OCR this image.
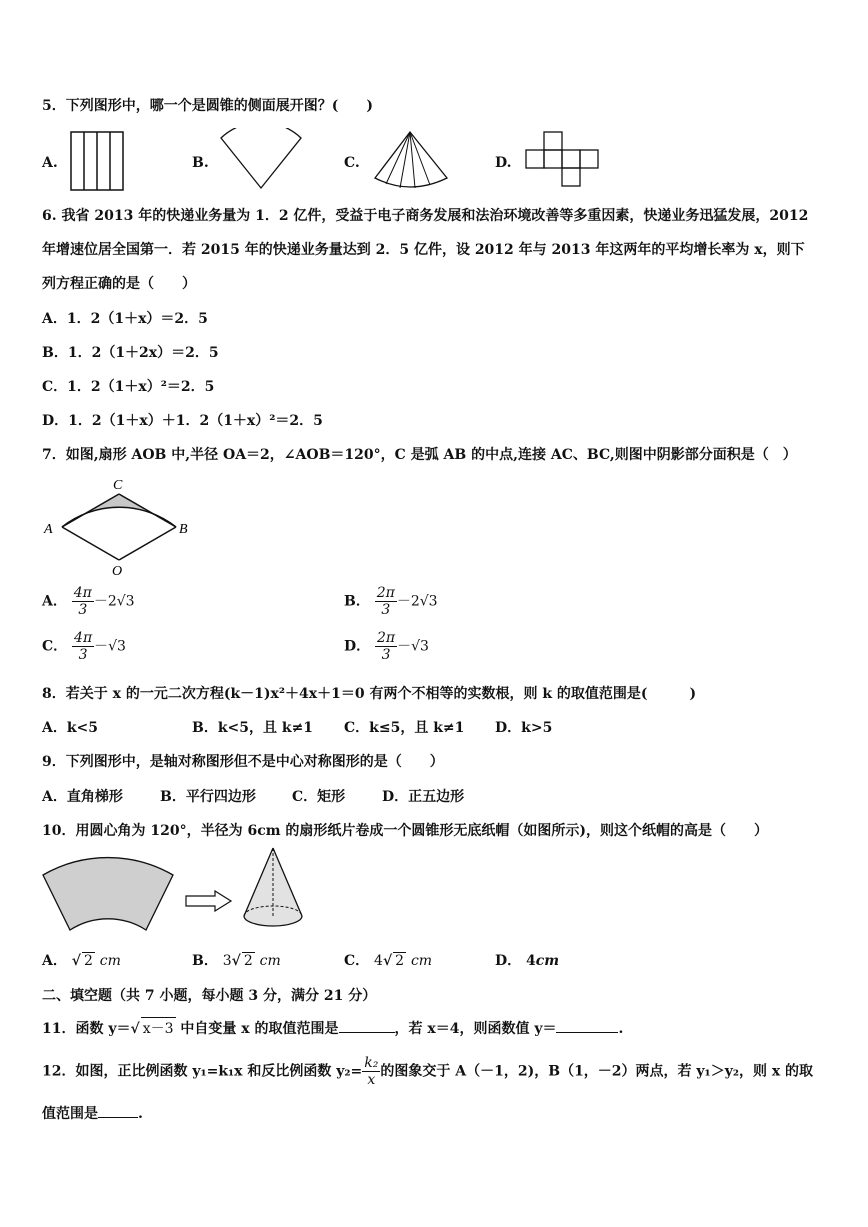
5．下列图形中，哪一个是圆锥的侧面展开图？(　　)
A.	B.	C.	D.
6. 我省 2013 年的快递业务量为 1．2 亿件，受益于电子商务发展和法治环境改善等多重因素，快递业务迅猛发展，2012
年增速位居全国第一．若 2015 年的快递业务量达到 2．5 亿件，设 2012 年与 2013 年这两年的平均增长率为 x，则下
列方程正确的是（　　）
A．1．2（1＋x）＝2．5
B．1．2（1＋2x）＝2．5
C．1．2（1＋x）²＝2．5
D．1．2（1＋x）＋1．2（1＋x）²＝2．5
7．如图,扇形 AOB 中,半径 OA＝2，∠AOB＝120°，C 是弧 AB 的中点,连接 AC、BC,则图中阴影部分面积是（　）
A	B
C
O
A． $\frac{4\pi}{3} -2√3$	B． $\frac{2\pi}{3} -2√3$
C． $\frac{4\pi}{3} -√3$	D． $\frac{2\pi}{3} -√3$
8．若关于 x 的一元二次方程(k－1)x²＋4x＋1＝0 有两个不相等的实数根，则 k 的取值范围是(　　　)
A．k<5	B．k<5，且 k≠1 C．k≤5，且 k≠1 D．k>5
9．下列图形中，是轴对称图形但不是中心对称图形的是（　　）
A．直角梯形	B．平行四边形	C．矩形	D．正五边形
10．用圆心角为 120°，半径为 6cm 的扇形纸片卷成一个圆锥形无底纸帽（如图所示)，则这个纸帽的高是（　　）
A． √ 2 cm	B． 3√ 2 cm	C． 4√ 2 cm	D． 4cm
二、填空题（共 7 小题，每小题 3 分，满分 21 分）
11．函数 y＝√ x－3 中自变量 x 的取值范围是	，若 x＝4，则函数值 y＝	.
12．如图，正比例函数 y₁=k₁x 和反比例函数 $y_2= \frac{\text{k₂}}{x}$ 的图象交于 A（－1，2)，B（1，－2）两点，若 y₁＞y₂，则 x 的取
值范围是	.
